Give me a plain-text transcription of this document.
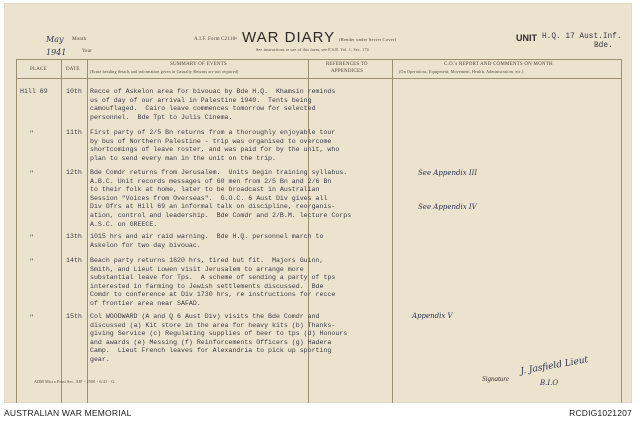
May Month
1941	Year
A.I.F. Form C2118• WAR DIARY
See instructions re use of this form, see F.S.R. Vol. 1, Sec. 174
(Render under Secret Cover)	UNIT H.Q. 17 Aust.Inf.
Bde.
PLACE	DATE
SUMMARY OF EVENTS
(Erase heading details and information given in Casualty Returns are not required)
REFERENCES TO
APPENDICES
C.O.'s REPORT AND COMMENTS ON MONTH
(On Operations, Equipment, Movement, Health, Administration, etc.)
Hill 69	10th Recce of Askelon area for bivouac by Bde H.Q.  Khamsin reminds
us of day of our arrival in Palestine 1940.  Tents being
camouflaged.  Cairo leave commences tomorrow for selected
personnel.  Bde Tpt to Julis Cinema.
"	11th First party of 2/5 Bn returns from a thoroughly enjoyable tour
by bus of Northern Palestine - trip was organised to overcome
shortcomings of leave roster, and was paid for by the unit, who
plan to send every man in the unit on the trip.
"	12th Bde Comdr returns from Jerusalem.  Units begin training syllabus.
A.B.C. Unit records messages of 60 men from 2/5 Bn and 2/6 Bn
to their folk at home, later to be broadcast in Australian
Session "Voices from Overseas".  G.O.C. 6 Aust Div gives all
Div Ofrs at Hill 69 an informal talk on discipline, reorganis-
ation, control and leadership.  Bde Comdr and 2/B.M. lecture Corps
A.S.C. on GREECE.
See Appendix III
See Appendix IV
"	13th 1015 hrs and air raid warning.  Bde H.Q. personnel march to
Askelon for two day bivouac.
"	14th Beach party returns 1620 hrs, tired but fit.  Majors Guinn,
Smith, and Lieut Lowen visit Jerusalem to arrange more
substantial leave for Tps.  A scheme of sending a party of tps
interested in farming to Jewish settlements discussed.  Bde
Comdr to conference at Div 1730 hrs, re instructions for recce
of frontier area near SAFAD.
"	15th Col WOODWARD (A and Q 6 Aust Div) visits the Bde Comdr and
discussed (a) Kit store in the area for heavy kits (b) Thanks-
giving Service (c) Regulating supplies of beer to tps (d) Honours
and awards (e) Messing (f) Reinforcements Officers (g) Hadera
Camp.  Lieut French leaves for Alexandria to pick up sporting
gear.
Appendix V
ADM Micro Print Sec. AIF - 2500 - 6/41 - G.	Signature
J. Jasfield Lieut
B.I.O
AUSTRALIAN WAR MEMORIAL	RCDIG1021207
